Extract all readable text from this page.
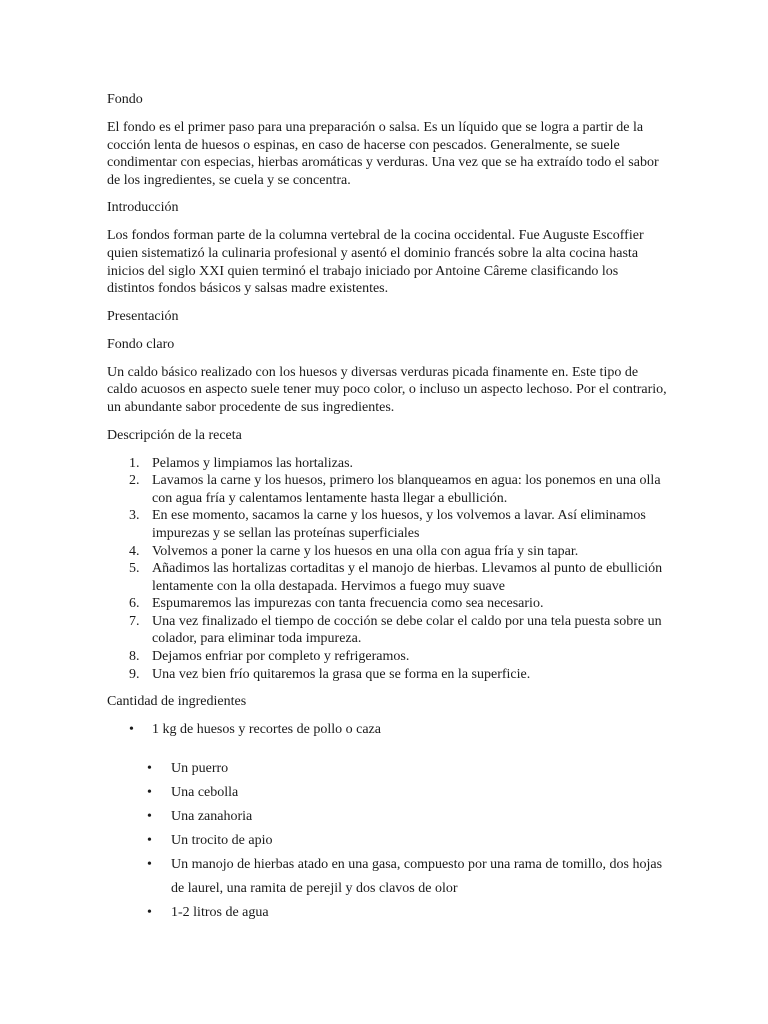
Fondo
El fondo es el primer paso para una preparación o salsa. Es un líquido que se logra a partir de la cocción lenta de huesos o espinas, en caso de hacerse con pescados. Generalmente, se suele condimentar con especias, hierbas aromáticas y verduras. Una vez que se ha extraído todo el sabor de los ingredientes, se cuela y se concentra.
Introducción
Los fondos forman parte de la columna vertebral de la cocina occidental. Fue Auguste Escoffier quien sistematizó la culinaria profesional y asentó el dominio francés sobre la alta cocina hasta inicios del siglo XXI quien terminó el trabajo iniciado por Antoine Câreme clasificando los distintos fondos básicos y salsas madre existentes.
Presentación
Fondo claro
Un caldo básico realizado con los huesos y diversas verduras picada finamente en. Este tipo de caldo acuosos en aspecto suele tener muy poco color, o incluso un aspecto lechoso. Por el contrario, un abundante sabor procedente de sus ingredientes.
Descripción de la receta
1. Pelamos y limpiamos las hortalizas.
2. Lavamos la carne y los huesos, primero los blanqueamos en agua: los ponemos en una olla con agua fría y calentamos lentamente hasta llegar a ebullición.
3. En ese momento, sacamos la carne y los huesos, y los volvemos a lavar. Así eliminamos impurezas y se sellan las proteínas superficiales
4. Volvemos a poner la carne y los huesos en una olla con agua fría y sin tapar.
5. Añadimos las hortalizas cortaditas y el manojo de hierbas. Llevamos al punto de ebullición lentamente con la olla destapada. Hervimos a fuego muy suave
6. Espumaremos las impurezas con tanta frecuencia como sea necesario.
7. Una vez finalizado el tiempo de cocción se debe colar el caldo por una tela puesta sobre un colador, para eliminar toda impureza.
8. Dejamos enfriar por completo y refrigeramos.
9. Una vez bien frío quitaremos la grasa que se forma en la superficie.
Cantidad de ingredientes
• 1 kg de huesos y recortes de pollo o caza
• Un puerro
• Una cebolla
• Una zanahoria
• Un trocito de apio
• Un manojo de hierbas atado en una gasa, compuesto por una rama de tomillo, dos hojas de laurel, una ramita de perejil y dos clavos de olor
• 1-2 litros de agua
